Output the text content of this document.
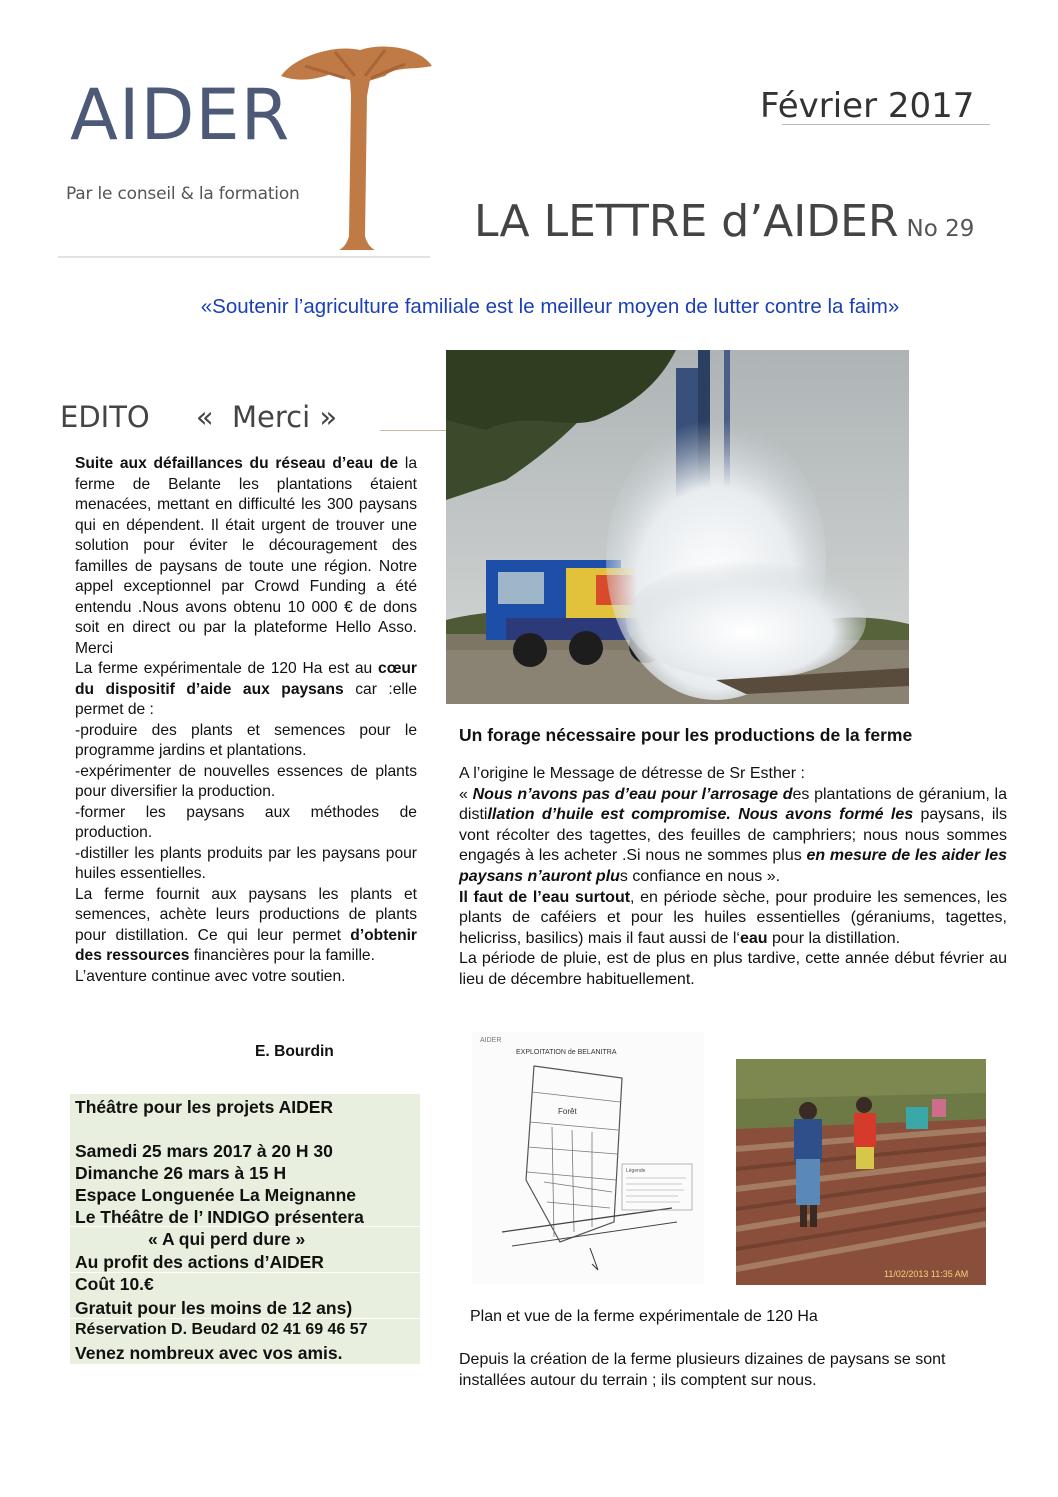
AIDER
Par le conseil & la formation
Février 2017
LA LETTRE d’AIDER No 29
«Soutenir l’agriculture familiale est le meilleur moyen de lutter contre la faim»
EDITO     «  Merci »

Suite aux défaillances du réseau d’eau de la ferme de Belante les plantations étaient menacées, mettant en difficulté les 300 paysans qui en dépendent. Il était urgent de trouver une solution pour éviter le découragement des familles de paysans de toute une région. Notre appel exceptionnel par Crowd Funding a été entendu .Nous avons obtenu 10 000 € de dons soit en direct ou par la plateforme Hello Asso. Merci

La ferme expérimentale de 120 Ha est au cœur du dispositif d’aide aux paysans car :elle permet de :

-produire des plants et semences pour le programme jardins et plantations.

-expérimenter de nouvelles essences de plants pour diversifier la production.

-former les paysans aux méthodes de production.

-distiller les plants produits par les paysans pour huiles essentielles.

La ferme fournit aux paysans les plants et semences, achète leurs productions de plants pour distillation. Ce qui leur permet d’obtenir des ressources financières pour la famille.

L’aventure continue avec votre soutien.

E. Bourdin
Théâtre pour les projets AIDER
Samedi 25 mars 2017 à 20 H 30
Dimanche 26 mars à 15 H
Espace Longuenée La Meignanne
Le Théâtre de l’ INDIGO présentera
« A qui perd dure »
Au profit des actions d’AIDER
Coût 10.€
Gratuit pour les moins de 12 ans)
Réservation D. Beudard 02 41 69 46 57
Venez nombreux avec vos amis.
Un forage nécessaire pour les productions de la ferme

A l’origine le Message de détresse de Sr Esther :

« Nous n’avons pas d’eau pour l’arrosage des plantations de géranium, la distillation d’huile est compromise. Nous avons formé les paysans, ils vont récolter des tagettes, des feuilles de camphriers; nous nous sommes engagés à les acheter .Si nous ne sommes plus en mesure de les aider les paysans n’auront plus confiance en nous ».

Il faut de l’eau surtout, en période sèche, pour produire les semences, les plants de caféiers et pour les huiles essentielles (géraniums, tagettes, helicriss, basilics) mais il faut aussi de l‘eau pour la distillation.

La période de pluie, est de plus en plus tardive, cette année début février au lieu de décembre habituellement.

AIDER
EXPLOITATION de BELANITRA
Forêt
Légende
11/02/2013 11:35 AM
Plan et vue de la ferme expérimentale de 120 Ha
Depuis la création de la ferme plusieurs dizaines de paysans se sont installées autour du terrain ; ils comptent sur nous.
